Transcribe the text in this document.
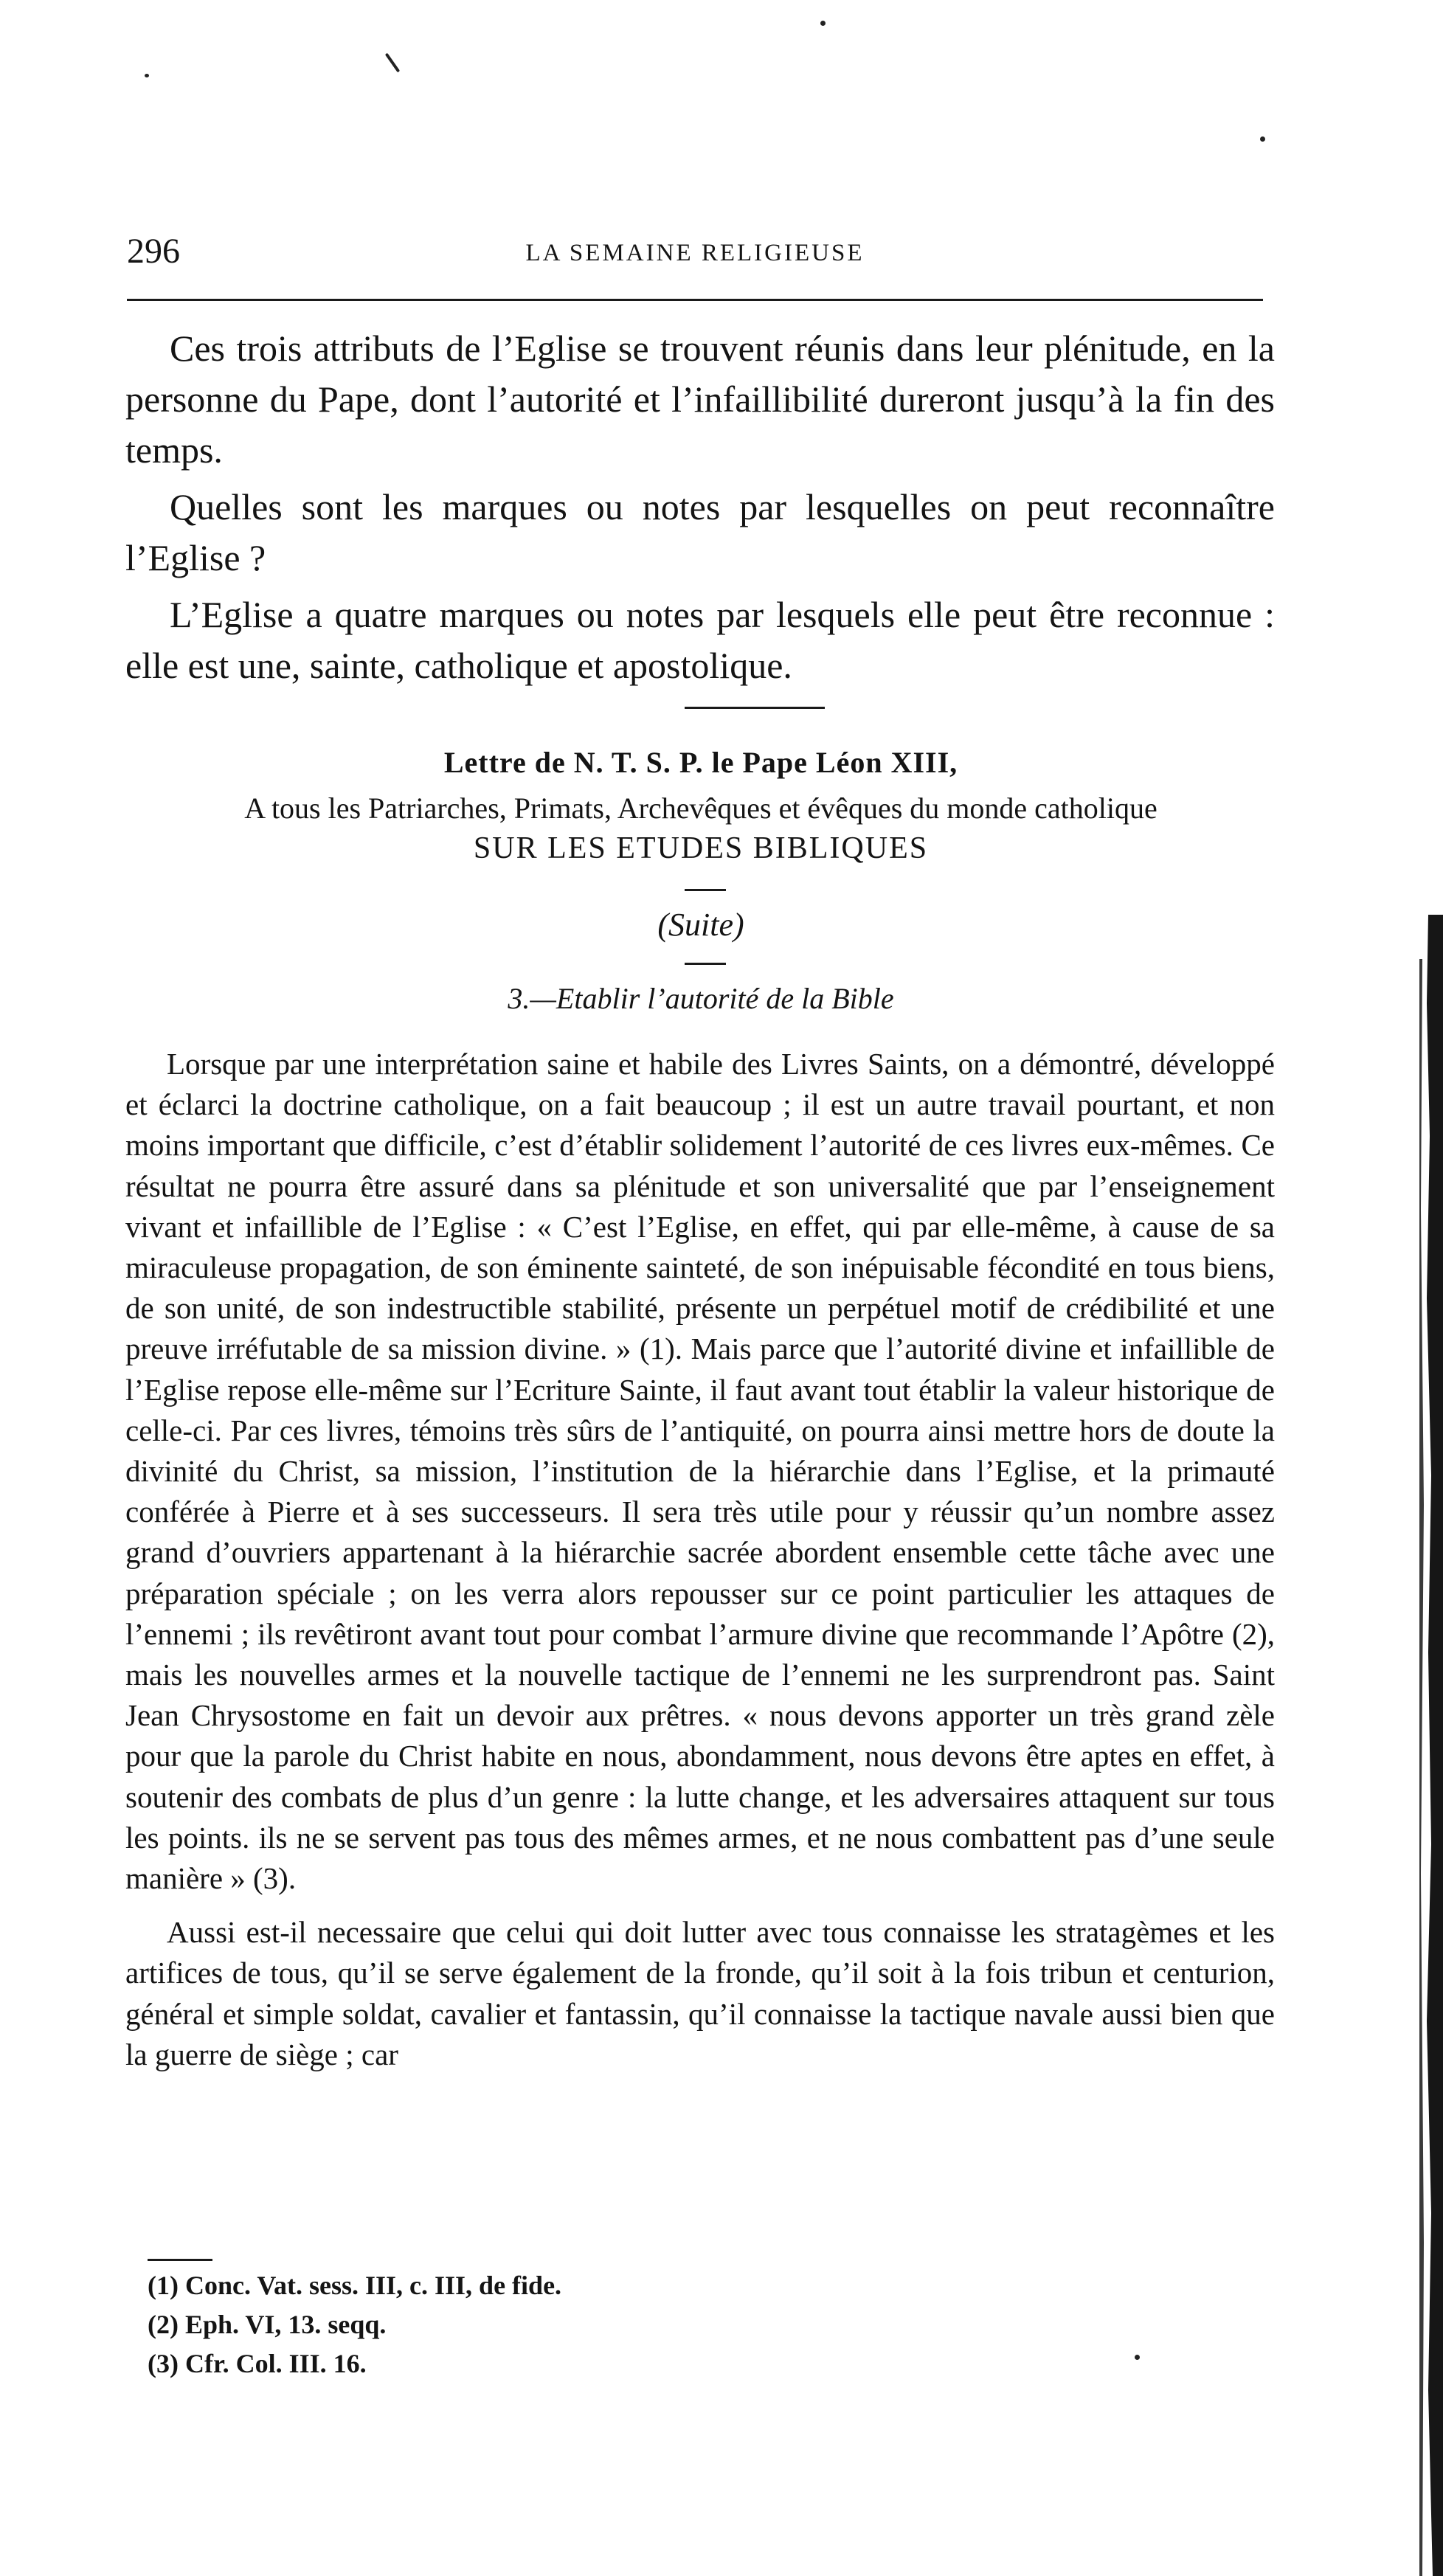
296	LA SEMAINE RELIGIEUSE

Ces trois attributs de l’Eglise se trouvent réunis dans leur plénitude, en la personne du Pape, dont l’autorité et l’infaillibilité dureront jusqu’à la fin des temps.

Quelles sont les marques ou notes par lesquelles on peut reconnaître l’Eglise ?

L’Eglise a quatre marques ou notes par lesquels elle peut être reconnue : elle est une, sainte, catholique et apostolique.

Lettre de N. T. S. P. le Pape Léon XIII,
A tous les Patriarches, Primats, Archevêques et évêques du monde catholique
SUR LES ETUDES BIBLIQUES
(Suite)
3.—Etablir l’autorité de la Bible

Lorsque par une interprétation saine et habile des Livres Saints, on a démontré, développé et éclarci la doctrine catholique, on a fait beaucoup ; il est un autre travail pourtant, et non moins important que difficile, c’est d’établir solidement l’autorité de ces livres eux-mêmes. Ce résultat ne pourra être assuré dans sa plénitude et son universalité que par l’enseignement vivant et infaillible de l’Eglise : « C’est l’Eglise, en effet, qui par elle-même, à cause de sa miraculeuse propagation, de son éminente sainteté, de son inépuisable fécondité en tous biens, de son unité, de son indestructible stabilité, présente un perpétuel motif de crédibilité et une preuve irréfutable de sa mission divine. » (1). Mais parce que l’autorité divine et infaillible de l’Eglise repose elle-même sur l’Ecriture Sainte, il faut avant tout établir la valeur historique de celle-ci. Par ces livres, témoins très sûrs de l’antiquité, on pourra ainsi mettre hors de doute la divinité du Christ, sa mission, l’institution de la hiérarchie dans l’Eglise, et la primauté conférée à Pierre et à ses successeurs. Il sera très utile pour y réussir qu’un nombre assez grand d’ouvriers appartenant à la hiérarchie sacrée abordent ensemble cette tâche avec une préparation spéciale ; on les verra alors repousser sur ce point particulier les attaques de l’ennemi ; ils revêtiront avant tout pour combat l’armure divine que recommande l’Apôtre (2), mais les nouvelles armes et la nouvelle tactique de l’ennemi ne les surprendront pas. Saint Jean Chrysostome en fait un devoir aux prêtres. « nous devons apporter un très grand zèle pour que la parole du Christ habite en nous, abondamment, nous devons être aptes en effet, à soutenir des combats de plus d’un genre : la lutte change, et les adversaires attaquent sur tous les points. ils ne se servent pas tous des mêmes armes, et ne nous combattent pas d’une seule manière » (3).

Aussi est-il necessaire que celui qui doit lutter avec tous connaisse les stratagèmes et les artifices de tous, qu’il se serve également de la fronde, qu’il soit à la fois tribun et centurion, général et simple soldat, cavalier et fantassin, qu’il connaisse la tactique navale aussi bien que la guerre de siège ; car

(1) Conc. Vat. sess. III, c. III, de fide.
(2) Eph. VI, 13. seqq.
(3) Cfr. Col. III. 16.
